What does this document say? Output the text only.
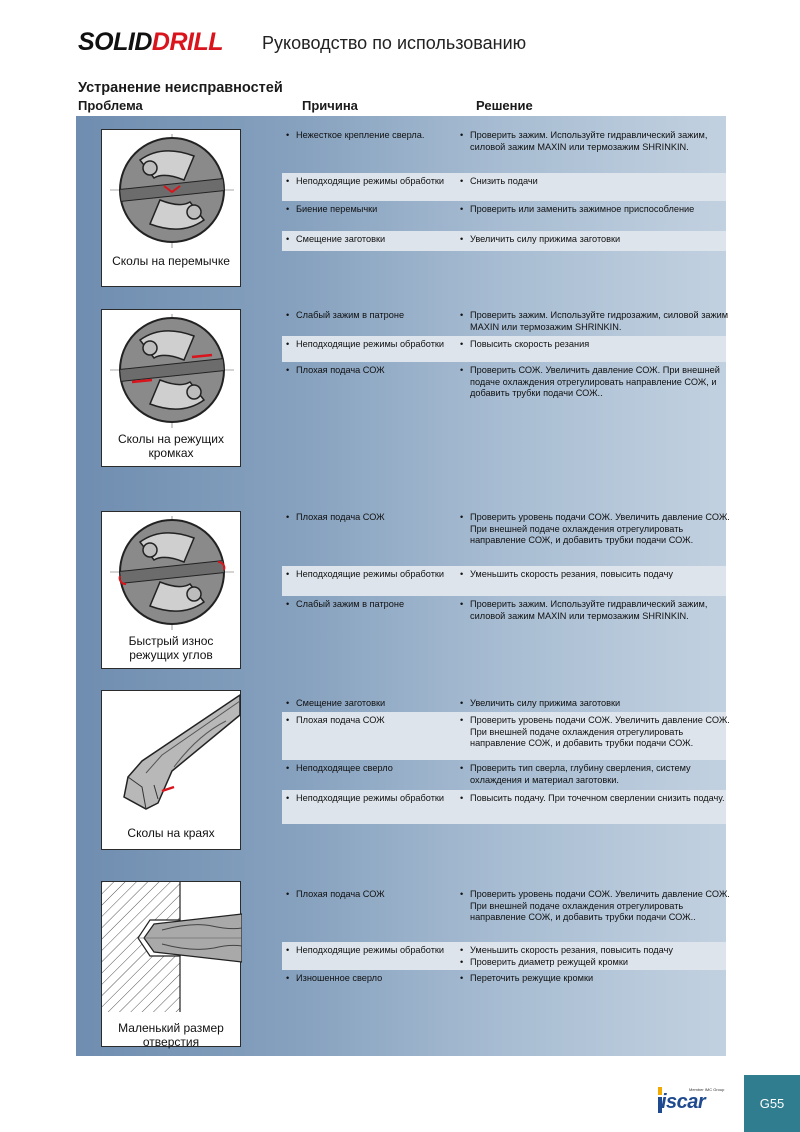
SOLIDDRILL Руководство по использованию
Устранение неисправностей
Проблема	Причина	Решение
Сколы на перемычке
• Нежесткое крепление сверла.	• Проверить зажим. Используйте гидравлический зажим, силовой зажим MAXIN или термозажим SHRINKIN.
• Неподходящие режимы обработки	• Снизить подачи
• Биение перемычки	• Проверить или заменить зажимное приспособление
• Смещение заготовки	• Увеличить силу прижима заготовки
Сколы на режущих
кромках
• Слабый зажим в патроне	• Проверить зажим. Используйте гидрозажим, силовой зажим MAXIN или термозажим SHRINKIN.
• Неподходящие режимы обработки	• Повысить скорость резания
• Плохая подача СОЖ	• Проверить СОЖ. Увеличить давление СОЖ. При внешней подаче охлаждения отрегулировать направление СОЖ, и добавить трубки подачи СОЖ..
Быстрый износ
режущих углов
• Плохая подача СОЖ	• Проверить уровень подачи СОЖ. Увеличить давление СОЖ. При внешней подаче охлаждения отрегулировать направление СОЖ, и добавить трубки подачи СОЖ.
• Неподходящие режимы обработки	• Уменьшить скорость резания, повысить подачу
• Слабый зажим в патроне	• Проверить зажим. Используйте гидравлический зажим, силовой зажим MAXIN или термозажим SHRINKIN.
Сколы на краях
• Смещение заготовки	• Увеличить силу прижима заготовки
• Плохая подача СОЖ	• Проверить уровень подачи СОЖ. Увеличить давление СОЖ. При внешней подаче охлаждения отрегулировать направление СОЖ, и добавить трубки подачи СОЖ.
• Неподходящее сверло	• Проверить тип сверла, глубину сверления, систему охлаждения и материал заготовки.
• Неподходящие режимы обработки	• Повысить подачу. При точечном сверлении снизить подачу.
Маленький размер
отверстия
• Плохая подача СОЖ	• Проверить уровень подачи СОЖ. Увеличить давление СОЖ. При внешней подаче охлаждения отрегулировать направление СОЖ, и добавить трубки подачи СОЖ..
• Неподходящие режимы обработки	• Уменьшить скорость резания, повысить подачу
• Проверить диаметр режущей кромки
• Изношенное сверло	• Переточить режущие кромки
iscar
Member IMC Group
G55
